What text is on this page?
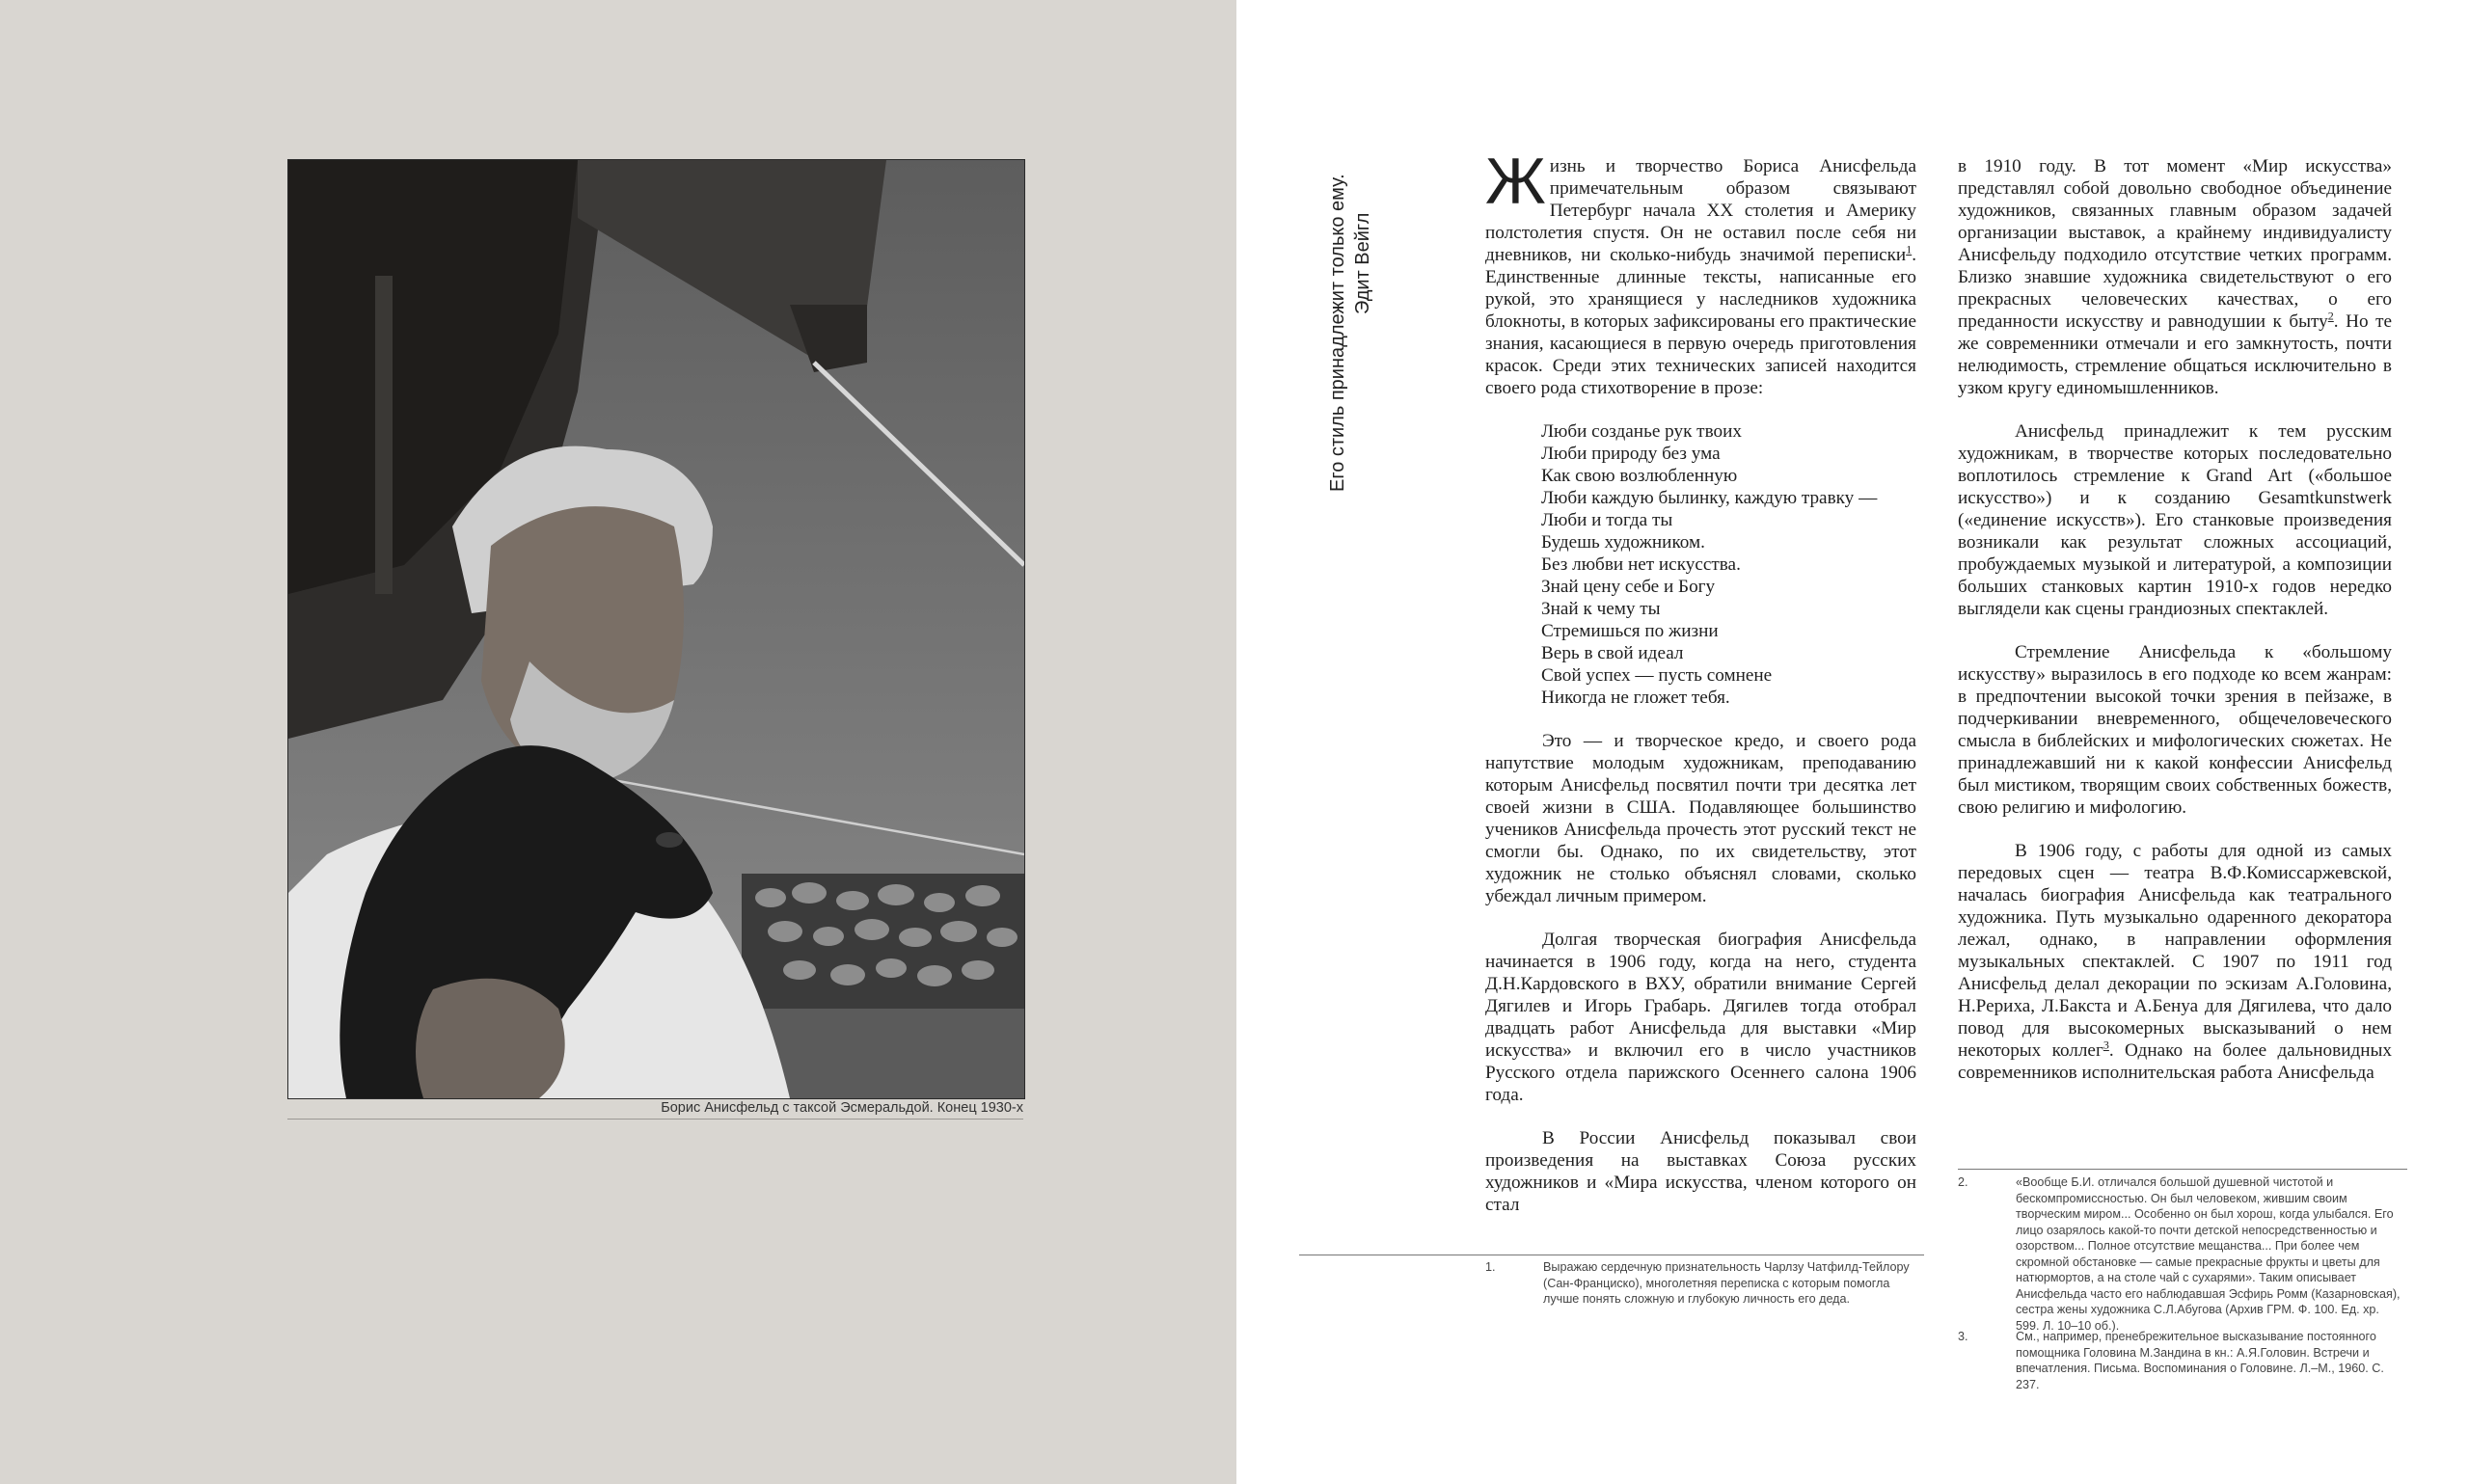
Борис Анисфельд с таксой Эсмеральдой. Конец 1930-х
Его стиль принадлежит только ему. Эдит Вейгл

Жизнь и творчество Бориса Анисфельда примечательным образом связывают Петербург начала XX столетия и Америку полстолетия спустя. Он не оставил после себя ни дневников, ни сколько-нибудь значимой переписки$^1$. Единственные длинные тексты, написанные его рукой, это хранящиеся у наследников художника блокноты, в которых зафиксированы его практические знания, касающиеся в первую очередь приготовления красок. Среди этих технических записей находится своего рода стихотворение в прозе:

Люби созданье рук твоих
Люби природу без ума
Как свою возлюбленную
Люби каждую былинку, каждую травку —
Люби и тогда ты
Будешь художником.
Без любви нет искусства.
Знай цену себе и Богу
Знай к чему ты
Стремишься по жизни
Верь в свой идеал
Свой успех — пусть сомнене
Никогда не гложет тебя.

Это — и творческое кредо, и своего рода напутствие молодым художникам, преподаванию которым Анисфельд посвятил почти три десятка лет своей жизни в США. Подавляющее большинство учеников Анисфельда прочесть этот русский текст не смогли бы. Однако, по их свидетельству, этот художник не столько объяснял словами, сколько убеждал личным примером.

Долгая творческая биография Анисфельда начинается в 1906 году, когда на него, студента Д.Н.Кардовского в ВХУ, обратили внимание Сергей Дягилев и Игорь Грабарь. Дягилев тогда отобрал двадцать работ Анисфельда для выставки «Мир искусства» и включил его в число участников Русского отдела парижского Осеннего салона 1906 года.

В России Анисфельд показывал свои произведения на выставках Союза русских художников и «Мира искусства, членом которого он стал

в 1910 году. В тот момент «Мир искусства» представлял собой довольно свободное объединение художников, связанных главным образом задачей организации выставок, а крайнему индивидуалисту Анисфельду подходило отсутствие четких программ. Близко знавшие художника свидетельствуют о его прекрасных человеческих качествах, о его преданности искусству и равнодушии к быту$^2$. Но те же современники отмечали и его замкнутость, почти нелюдимость, стремление общаться исключительно в узком кругу единомышленников.

Анисфельд принадлежит к тем русским художникам, в творчестве которых последовательно воплотилось стремление к Grand Art («большое искусство») и к созданию Gesamtkunstwerk («единение искусств»). Его станковые произведения возникали как результат сложных ассоциаций, пробуждаемых музыкой и литературой, а композиции больших станковых картин 1910-х годов нередко выглядели как сцены грандиозных спектаклей.

Стремление Анисфельда к «большому искусству» выразилось в его подходе ко всем жанрам: в предпочтении высокой точки зрения в пейзаже, в подчеркивании вневременного, общечеловеческого смысла в библейских и мифологических сюжетах. Не принадлежавший ни к какой конфессии Анисфельд был мистиком, творящим своих собственных божеств, свою религию и мифологию.

В 1906 году, с работы для одной из самых передовых сцен — театра В.Ф.Комиссаржевской, началась биография Анисфельда как театрального художника. Путь музыкально одаренного декоратора лежал, однако, в направлении оформления музыкальных спектаклей. С 1907 по 1911 год Анисфельд делал декорации по эскизам А.Головина, Н.Рериха, Л.Бакста и А.Бенуа для Дягилева, что дало повод для высокомерных высказываний о нем некоторых коллег$^3$. Однако на более дальновидных современников исполнительская работа Анисфельда

1.	Выражаю сердечную признательность Чарлзу Чатфилд-Тейлору (Сан-Франциско), многолетняя переписка с которым помогла лучше понять сложную и глубокую личность его деда.
2.	«Вообще Б.И. отличался большой душевной чистотой и бескомпромиссностью. Он был человеком, жившим своим творческим миром... Особенно он был хорош, когда улыбался. Его лицо озарялось какой-то почти детской непосредственностью и озорством... Полное отсутствие мещанства... При более чем скромной обстановке — самые прекрасные фрукты и цветы для натюрмортов, а на столе чай с сухарями». Таким описывает Анисфельда часто его наблюдавшая Эсфирь Ромм (Казарновская), сестра жены художника С.Л.Абугова (Архив ГРМ. Ф. 100. Ед. хр. 599. Л. 10–10 об.).
3.	См., например, пренебрежительное высказывание постоянного помощника Головина М.Зандина в кн.: А.Я.Головин. Встречи и впечатления. Письма. Воспоминания о Головине. Л.–М., 1960. С. 237.
